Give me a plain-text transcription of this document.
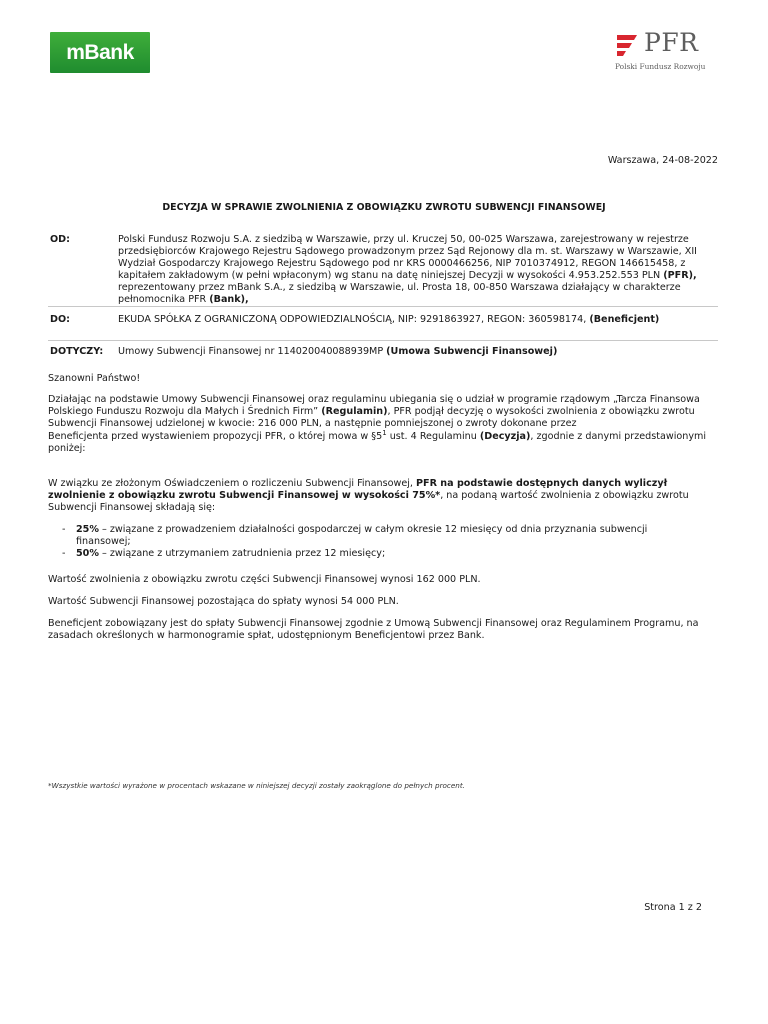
mBank	PFR
Polski Fundusz Rozwoju
Warszawa, 24-08-2022
DECYZJA W SPRAWIE ZWOLNIENIA Z OBOWIĄZKU ZWROTU SUBWENCJI FINANSOWEJ
OD:	Polski Fundusz Rozwoju S.A. z siedzibą w Warszawie, przy ul. Kruczej 50, 00-025 Warszawa, zarejestrowany w rejestrze przedsiębiorców Krajowego Rejestru Sądowego prowadzonym przez Sąd Rejonowy dla m. st. Warszawy w Warszawie, XII Wydział Gospodarczy Krajowego Rejestru Sądowego pod nr KRS 0000466256, NIP 7010374912, REGON 146615458, z kapitałem zakładowym (w pełni wpłaconym) wg stanu na datę niniejszej Decyzji w wysokości 4.953.252.553 PLN (PFR), reprezentowany przez mBank S.A., z siedzibą w Warszawie, ul. Prosta 18, 00-850 Warszawa działający w charakterze pełnomocnika PFR (Bank),
DO:	EKUDA SPÓŁKA Z OGRANICZONĄ ODPOWIEDZIALNOŚCIĄ, NIP: 9291863927, REGON: 360598174, (Beneficjent)
DOTYCZY: Umowy Subwencji Finansowej nr 114020040088939MP (Umowa Subwencji Finansowej)
Szanowni Państwo!
Działając na podstawie Umowy Subwencji Finansowej oraz regulaminu ubiegania się o udział w programie rządowym „Tarcza Finansowa Polskiego Funduszu Rozwoju dla Małych i Średnich Firm” (Regulamin), PFR podjął decyzję o wysokości zwolnienia z obowiązku zwrotu Subwencji Finansowej udzielonej w kwocie: 216 000 PLN, a następnie pomniejszonej o zwroty dokonane przez
Beneficjenta przed wystawieniem propozycji PFR, o której mowa w $\S 5^1$ ust. 4 Regulaminu (Decyzja), zgodnie z danymi przedstawionymi poniżej:
W związku ze złożonym Oświadczeniem o rozliczeniu Subwencji Finansowej, PFR na podstawie dostępnych danych wyliczył zwolnienie z obowiązku zwrotu Subwencji Finansowej w wysokości 75%*, na podaną wartość zwolnienia z obowiązku zwrotu Subwencji Finansowej składają się:
- 25% – związane z prowadzeniem działalności gospodarczej w całym okresie 12 miesięcy od dnia przyznania subwencji finansowej;
- 50% – związane z utrzymaniem zatrudnienia przez 12 miesięcy;
Wartość zwolnienia z obowiązku zwrotu części Subwencji Finansowej wynosi 162 000 PLN.
Wartość Subwencji Finansowej pozostająca do spłaty wynosi 54 000 PLN.
Beneficjent zobowiązany jest do spłaty Subwencji Finansowej zgodnie z Umową Subwencji Finansowej oraz Regulaminem Programu, na zasadach określonych w harmonogramie spłat, udostępnionym Beneficjentowi przez Bank.
*Wszystkie wartości wyrażone w procentach wskazane w niniejszej decyzji zostały zaokrąglone do pełnych procent.
Strona 1 z 2
